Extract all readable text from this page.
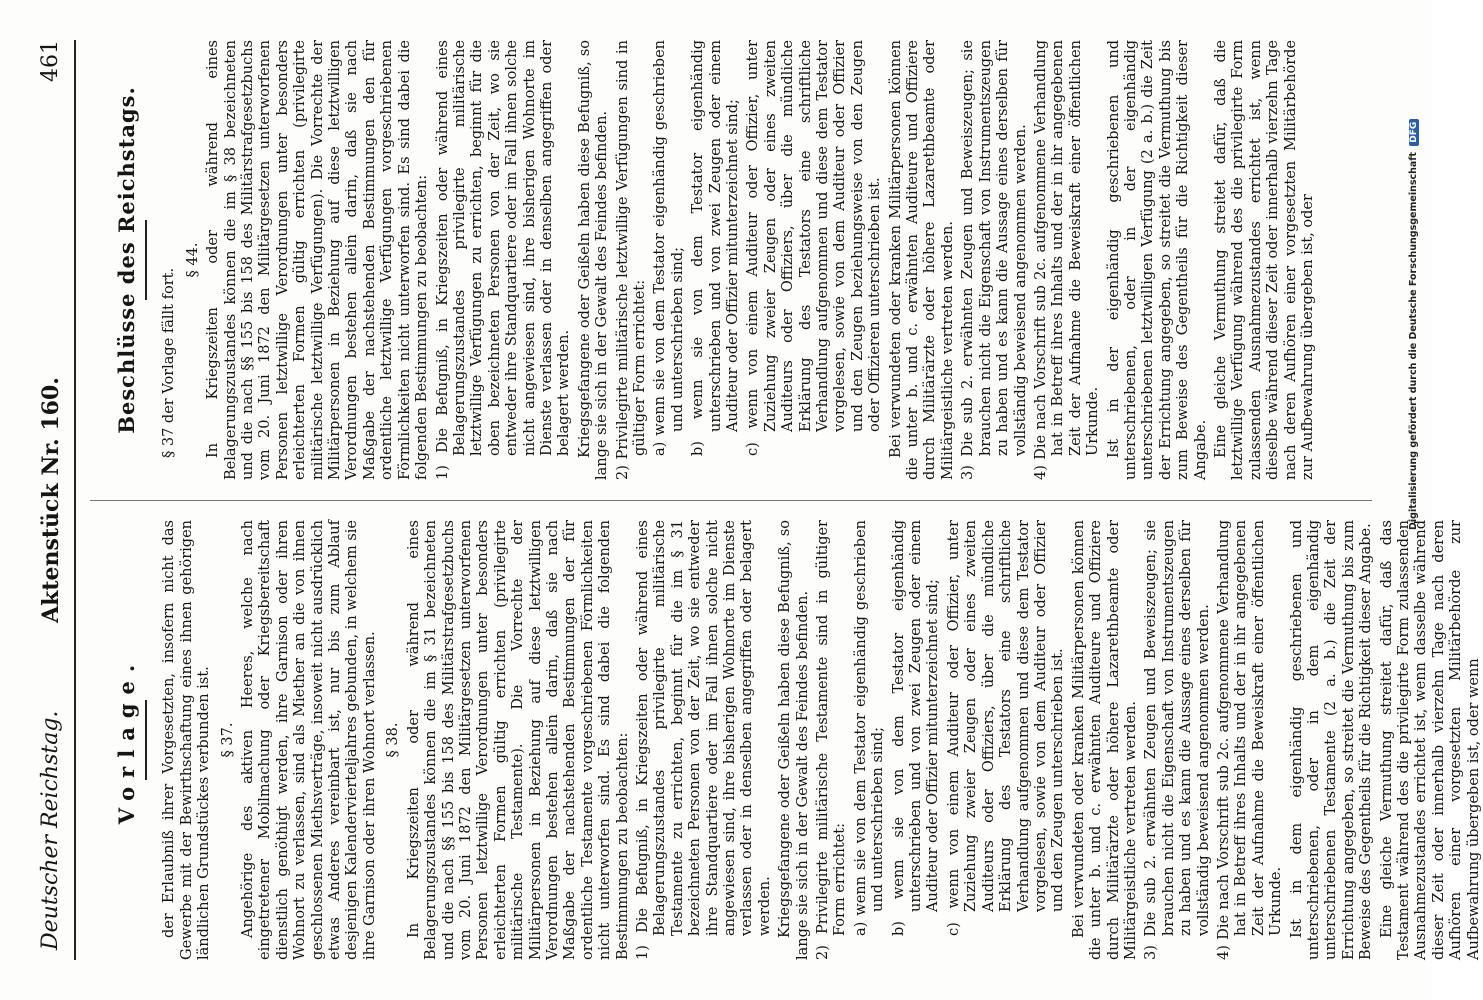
Deutscher Reichstag.
Aktenstück Nr. 160.
461
Vorlage. der Erlaubniß ihrer Vorgesetzten, insofern nicht das Gewerbe mit der Bewirthschaftung eines ihnen gehörigen ländlichen Grundstückes verbunden ist. § 37. Angehörige des aktiven Heeres, welche nach eingetretener Mobilmachung oder Kriegsbereitschaft dienstlich genöthigt werden, ihre Garnison oder ihren Wohnort zu verlassen, sind als Miether an die von ihnen geschlossenen Miethsverträge, insoweit nicht ausdrücklich etwas Anderes vereinbart ist, nur bis zum Ablauf desjenigen Kalendervierteljahres gebunden, in welchem sie ihre Garnison oder ihren Wohnort verlassen. § 38. In Kriegszeiten oder während eines Belagerungszustandes können die im § 31 bezeichneten und die nach §§ 155 bis 158 des Militärstrafgesetzbuchs vom 20. Juni 1872 den Militärgesetzen unterworfenen Personen letztwillige Verordnungen unter besonders erleichterten Formen gültig errichten (privilegirte militärische Testamente). Die Vorrechte der Militärpersonen in Beziehung auf diese letztwilligen Verordnungen bestehen allein darin, daß sie nach Maßgabe der nachstehenden Bestimmungen der für ordentliche Testamente vorgeschriebenen Förmlichkeiten nicht unterworfen sind. Es sind dabei die folgenden Bestimmungen zu beobachten: 1) Die Befugniß, in Kriegszeiten oder während eines Belagerungszustandes privilegirte militärische Testamente zu errichten, beginnt für die im § 31 bezeichneten Personen von der Zeit, wo sie entweder ihre Standquartiere oder im Fall ihnen solche nicht angewiesen sind, ihre bisherigen Wohnorte im Dienste verlassen oder in denselben angegriffen oder belagert werden. Kriegsgefangene oder Geißeln haben diese Befugniß, so lange sie sich in der Gewalt des Feindes befinden. 2) Privilegirte militärische Testamente sind in gültiger Form errichtet: a) wenn sie von dem Testator eigenhändig geschrieben und unterschrieben sind; b) wenn sie von dem Testator eigenhändig unterschrieben und von zwei Zeugen oder einem Auditeur oder Offizier mitunterzeichnet sind; c) wenn von einem Auditeur oder Offizier, unter Zuziehung zweier Zeugen oder eines zweiten Auditeurs oder Offiziers, über die mündliche Erklärung des Testators eine schriftliche Verhandlung aufgenommen und diese dem Testator vorgelesen, sowie von dem Auditeur oder Offizier und den Zeugen unterschrieben ist. Bei verwundeten oder kranken Militärpersonen können die unter b. und c. erwähnten Auditeure und Offiziere durch Militärärzte oder höhere Lazarethbeamte oder Militärgeistliche vertreten werden. 3) Die sub 2. erwähnten Zeugen und Beweiszeugen; sie brauchen nicht die Eigenschaft von Instrumentszeugen zu haben und es kann die Aussage eines derselben für vollständig beweisend angenommen werden. 4) Die nach Vorschrift sub 2c. aufgenommene Verhandlung hat in Betreff ihres Inhalts und der in ihr angegebenen Zeit der Aufnahme die Beweiskraft einer öffentlichen Urkunde. Ist in dem eigenhändig geschriebenen und unterschriebenen, oder in dem eigenhändig unterschriebenen Testamente (2 a. b.) die Zeit der Errichtung angegeben, so streitet die Vermuthung bis zum Beweise des Gegentheils für die Richtigkeit dieser Angabe. Eine gleiche Vermuthung streitet dafür, daß das Testament während des die privilegirte Form zulassenden Ausnahmezustandes errichtet ist, wenn dasselbe während dieser Zeit oder innerhalb vierzehn Tage nach deren Aufhören einer vorgesetzten Militärbehörde zur Aufbewahrung übergeben ist, oder wenn

Beschlüsse des Reichstags. § 37 der Vorlage fällt fort.

§ 44. In Kriegszeiten oder während eines Belagerungszustandes können die im § 38 bezeichneten und die nach §§ 155 bis 158 des Militärstrafgesetzbuchs vom 20. Juni 1872 den Militärgesetzen unterworfenen Personen letztwillige Verordnungen unter besonders erleichterten Formen gültig errichten (privilegirte militärische letztwillige Verfügungen). Die Vorrechte der Militärpersonen in Beziehung auf diese letztwilligen Verordnungen bestehen allein darin, daß sie nach Maßgabe der nachstehenden Bestimmungen den für ordentliche letztwillige Verfügungen vorgeschriebenen Förmlichkeiten nicht unterworfen sind. Es sind dabei die folgenden Bestimmungen zu beobachten: 1) Die Befugniß, in Kriegszeiten oder während eines Belagerungszustandes privilegirte militärische letztwillige Verfügungen zu errichten, beginnt für die oben bezeichneten Personen von der Zeit, wo sie entweder ihre Standquartiere oder im Fall ihnen solche nicht angewiesen sind, ihre bisherigen Wohnorte im Dienste verlassen oder in denselben angegriffen oder belagert werden. Kriegsgefangene oder Geißeln haben diese Befugniß, so lange sie sich in der Gewalt des Feindes befinden. 2) Privilegirte militärische letztwillige Verfügungen sind in gültiger Form errichtet: a) wenn sie von dem Testator eigenhändig geschrieben und unterschrieben sind; b) wenn sie von dem Testator eigenhändig unterschrieben und von zwei Zeugen oder einem Auditeur oder Offizier mitunterzeichnet sind; c) wenn von einem Auditeur oder Offizier, unter Zuziehung zweier Zeugen oder eines zweiten Auditeurs oder Offiziers, über die mündliche Erklärung des Testators eine schriftliche Verhandlung aufgenommen und diese dem Testator vorgelesen, sowie von dem Auditeur oder Offizier und den Zeugen beziehungsweise von den Zeugen oder Offizieren unterschrieben ist. Bei verwundeten oder kranken Militärpersonen können die unter b. und c. erwähnten Auditeure und Offiziere durch Militärärzte oder höhere Lazarethbeamte oder Militärgeistliche vertreten werden. 3) Die sub 2. erwähnten Zeugen und Beweiszeugen; sie brauchen nicht die Eigenschaft von Instrumentszeugen zu haben und es kann die Aussage eines derselben für vollständig beweisend angenommen werden. 4) Die nach Vorschrift sub 2c. aufgenommene Verhandlung hat in Betreff ihres Inhalts und der in ihr angegebenen Zeit der Aufnahme die Beweiskraft einer öffentlichen Urkunde. Ist in der eigenhändig geschriebenen und unterschriebenen, oder in der eigenhändig unterschriebenen letztwilligen Verfügung (2 a. b.) die Zeit der Errichtung angegeben, so streitet die Vermuthung bis zum Beweise des Gegentheils für die Richtigkeit dieser Angabe. Eine gleiche Vermuthung streitet dafür, daß die letztwillige Verfügung während des die privilegirte Form zulassenden Ausnahmezustandes errichtet ist, wenn dieselbe während dieser Zeit oder innerhalb vierzehn Tage nach deren Aufhören einer vorgesetzten Militärbehörde zur Aufbewahrung übergeben ist, oder	Digitalisierung gefördert durch die Deutsche Forschungsgemeinschaft DFG
